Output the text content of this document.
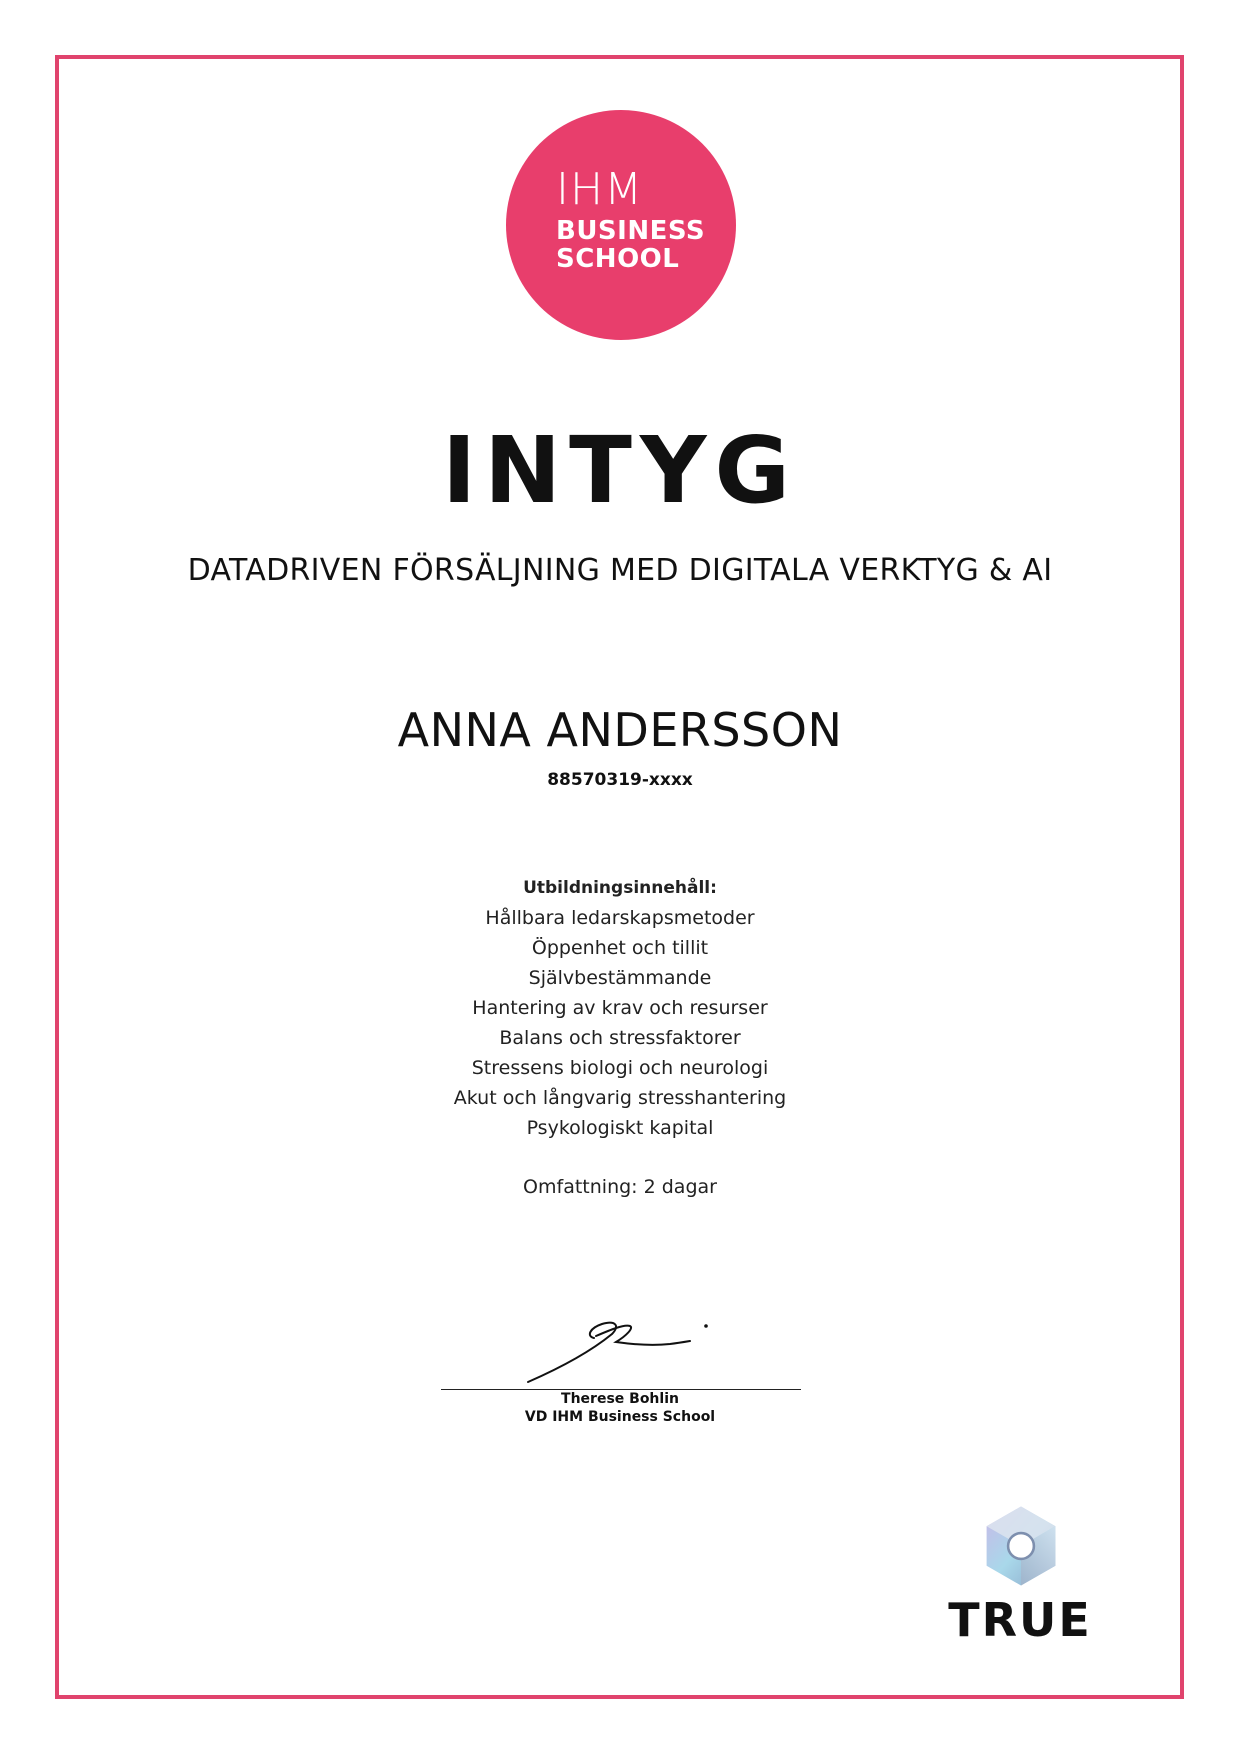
IHM
BUSINESS
SCHOOL
INTYG
DATADRIVEN FÖRSÄLJNING MED DIGITALA VERKTYG & AI
ANNA ANDERSSON
88570319-xxxx
Utbildningsinnehåll:
Hållbara ledarskapsmetoder
Öppenhet och tillit
Självbestämmande
Hantering av krav och resurser
Balans och stressfaktorer
Stressens biologi och neurologi
Akut och långvarig stresshantering
Psykologiskt kapital
Omfattning: 2 dagar
Therese Bohlin
VD IHM Business School
TRUE
